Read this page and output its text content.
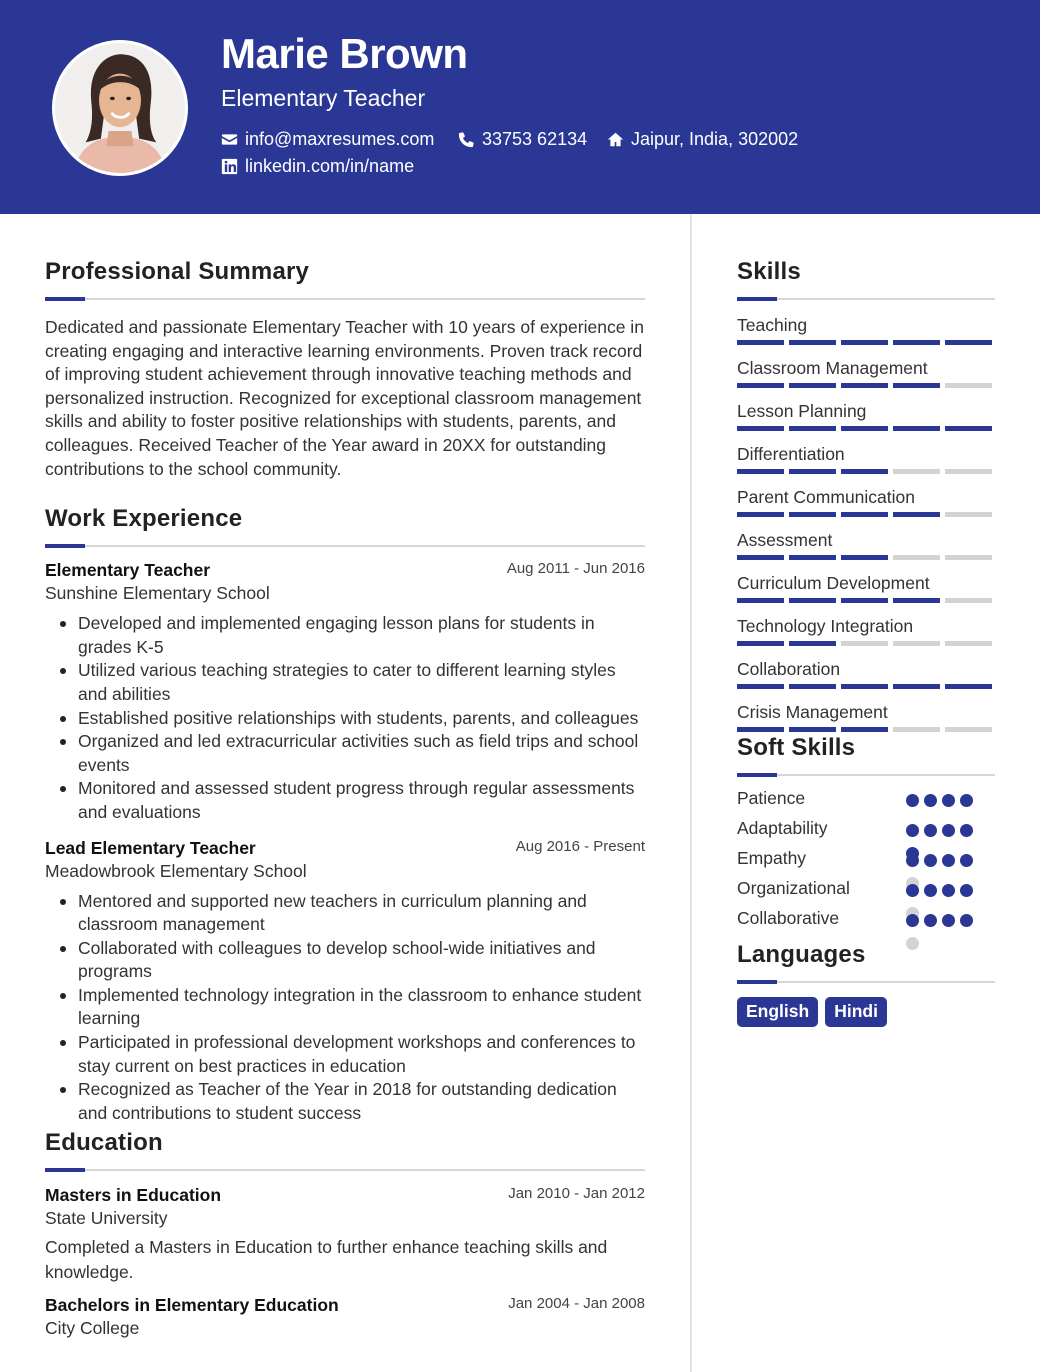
Marie Brown
Elementary Teacher
info@maxresumes.com	33753 62134 Jaipur, India, 302002
linkedin.com/in/name
Professional Summary

Dedicated and passionate Elementary Teacher with 10 years of experience in creating engaging and interactive learning environments. Proven track record of improving student achievement through innovative teaching methods and personalized instruction. Recognized for exceptional classroom management skills and ability to foster positive relationships with students, parents, and colleagues. Received Teacher of the Year award in 20XX for outstanding contributions to the school community.

Work Experience
Elementary Teacher	Aug 2011 - Jun 2016
Sunshine Elementary School
Developed and implemented engaging lesson plans for students in grades K-5
Utilized various teaching strategies to cater to different learning styles and abilities
Established positive relationships with students, parents, and colleagues
Organized and led extracurricular activities such as field trips and school events
Monitored and assessed student progress through regular assessments and evaluations
Lead Elementary Teacher	Aug 2016 - Present
Meadowbrook Elementary School
Mentored and supported new teachers in curriculum planning and classroom management
Collaborated with colleagues to develop school-wide initiatives and programs
Implemented technology integration in the classroom to enhance student learning
Participated in professional development workshops and conferences to stay current on best practices in education
Recognized as Teacher of the Year in 2018 for outstanding dedication and contributions to student success
Education
Masters in Education	Jan 2010 - Jan 2012
State University

Completed a Masters in Education to further enhance teaching skills and knowledge.

Bachelors in Elementary Education	Jan 2004 - Jan 2008
City College
Skills
Teaching
Classroom Management
Lesson Planning
Differentiation
Parent Communication
Assessment
Curriculum Development
Technology Integration
Collaboration
Crisis Management
Soft Skills
Patience
Adaptability
Empathy
Organizational
Collaborative
Languages
English	Hindi
